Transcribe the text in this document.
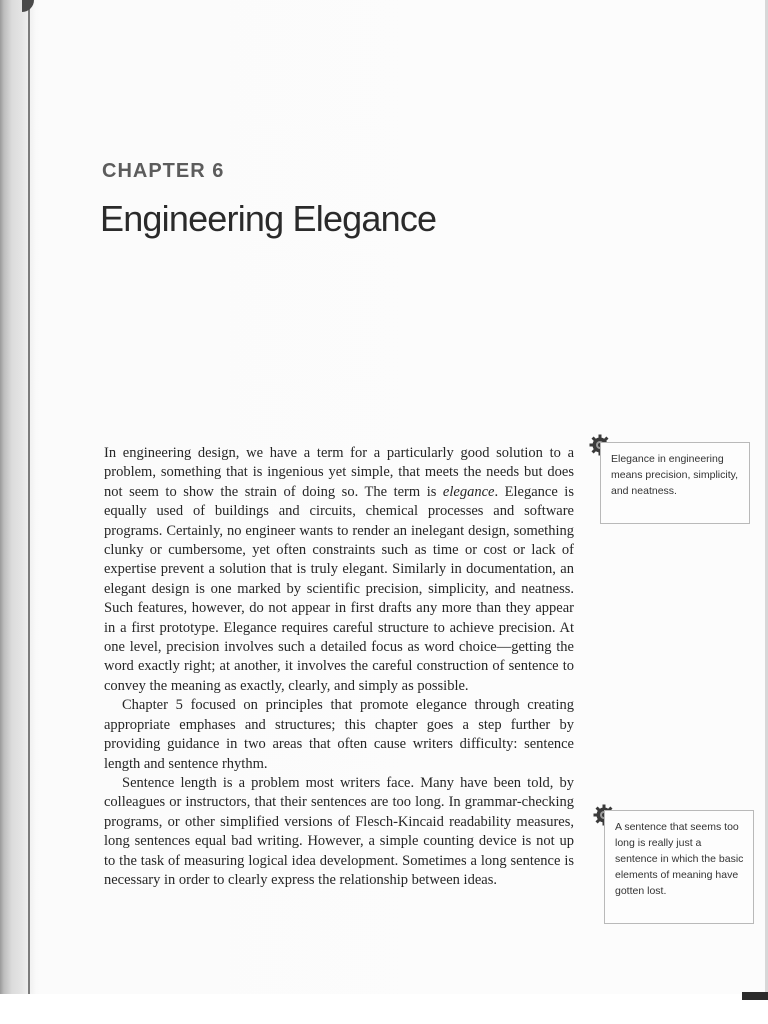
CHAPTER 6
Engineering Elegance

In engineering design, we have a term for a particularly good solution to a problem, something that is ingenious yet simple, that meets the needs but does not seem to show the strain of doing so. The term is elegance. Elegance is equally used of buildings and circuits, chemical processes and software programs. Certainly, no engineer wants to render an inelegant design, something clunky or cumbersome, yet often constraints such as time or cost or lack of expertise prevent a solution that is truly elegant. Similarly in documentation, an elegant design is one marked by scientific precision, simplicity, and neatness. Such features, however, do not appear in first drafts any more than they appear in a first prototype. Elegance requires careful structure to achieve precision. At one level, precision involves such a detailed focus as word choice—getting the word exactly right; at another, it involves the careful construction of sentence to convey the meaning as exactly, clearly, and simply as possible.

Chapter 5 focused on principles that promote elegance through creating appropriate emphases and structures; this chapter goes a step further by providing guidance in two areas that often cause writers difficulty: sentence length and sentence rhythm.

Sentence length is a problem most writers face. Many have been told, by colleagues or instructors, that their sentences are too long. In grammar-checking programs, or other simplified versions of Flesch-Kincaid readability measures, long sentences equal bad writing. However, a simple counting device is not up to the task of measuring logical idea development. Sometimes a long sentence is necessary in order to clearly express the relationship between ideas.

Elegance in engineering means precision, simplicity, and neatness.
A sentence that seems too long is really just a sentence in which the basic elements of meaning have gotten lost.
